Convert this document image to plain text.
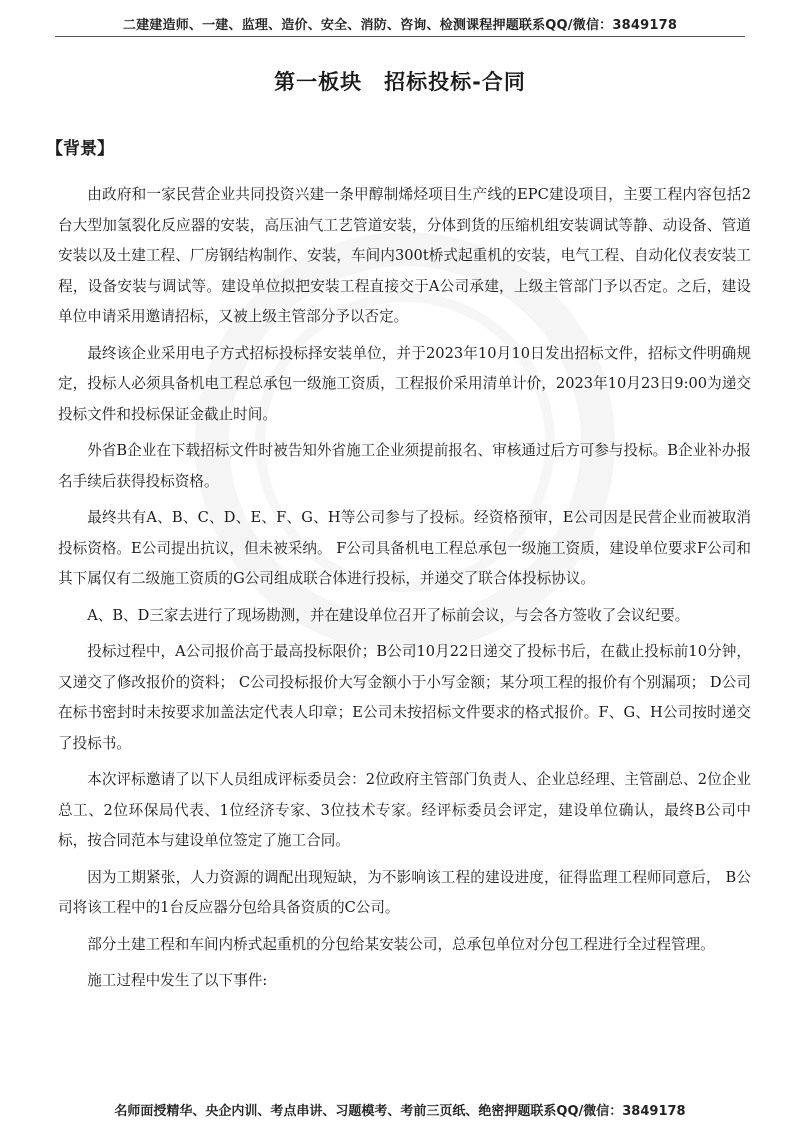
二建建造师、一建、监理、造价、安全、消防、咨询、检测课程押题联系QQ/微信：3849178
第一板块　招标投标-合同
【背景】

由政府和一家民营企业共同投资兴建一条甲醇制烯烃项目生产线的EPC建设项目，主要工程内容包括2台大型加氢裂化反应器的安装，高压油气工艺管道安装，分体到货的压缩机组安装调试等静、动设备、管道安装以及土建工程、厂房钢结构制作、安装，车间内300t桥式起重机的安装，电气工程、自动化仪表安装工程，设备安装与调试等。建设单位拟把安装工程直接交于A公司承建，上级主管部门予以否定。之后，建设单位申请采用邀请招标，又被上级主管部分予以否定。

最终该企业采用电子方式招标投标择安装单位，并于2023年10月10日发出招标文件，招标文件明确规定，投标人必须具备机电工程总承包一级施工资质，工程报价采用清单计价，2023年10月23日9:00为递交投标文件和投标保证金截止时间。

外省B企业在下载招标文件时被告知外省施工企业须提前报名、审核通过后方可参与投标。B企业补办报名手续后获得投标资格。

最终共有A、B、C、D、E、F、G、H等公司参与了投标。经资格预审，E公司因是民营企业而被取消投标资格。E公司提出抗议，但未被采纳。 F公司具备机电工程总承包一级施工资质，建设单位要求F公司和其下属仅有二级施工资质的G公司组成联合体进行投标，并递交了联合体投标协议。

A、B、D三家去进行了现场勘测，并在建设单位召开了标前会议，与会各方签收了会议纪要。

投标过程中，A公司报价高于最高投标限价；B公司10月22日递交了投标书后，在截止投标前10分钟，又递交了修改报价的资料； C公司投标报价大写金额小于小写金额；某分项工程的报价有个别漏项； D公司在标书密封时未按要求加盖法定代表人印章；E公司未按招标文件要求的格式报价。F、G、H公司按时递交了投标书。

本次评标邀请了以下人员组成评标委员会：2位政府主管部门负责人、企业总经理、主管副总、2位企业总工、2位环保局代表、1位经济专家、3位技术专家。经评标委员会评定，建设单位确认，最终B公司中标，按合同范本与建设单位签定了施工合同。

因为工期紧张，人力资源的调配出现短缺，为不影响该工程的建设进度，征得监理工程师同意后， B公司将该工程中的1台反应器分包给具备资质的C公司。

部分土建工程和车间内桥式起重机的分包给某安装公司，总承包单位对分包工程进行全过程管理。

施工过程中发生了以下事件:

名师面授精华、央企内训、考点串讲、习题模考、考前三页纸、绝密押题联系QQ/微信：3849178
